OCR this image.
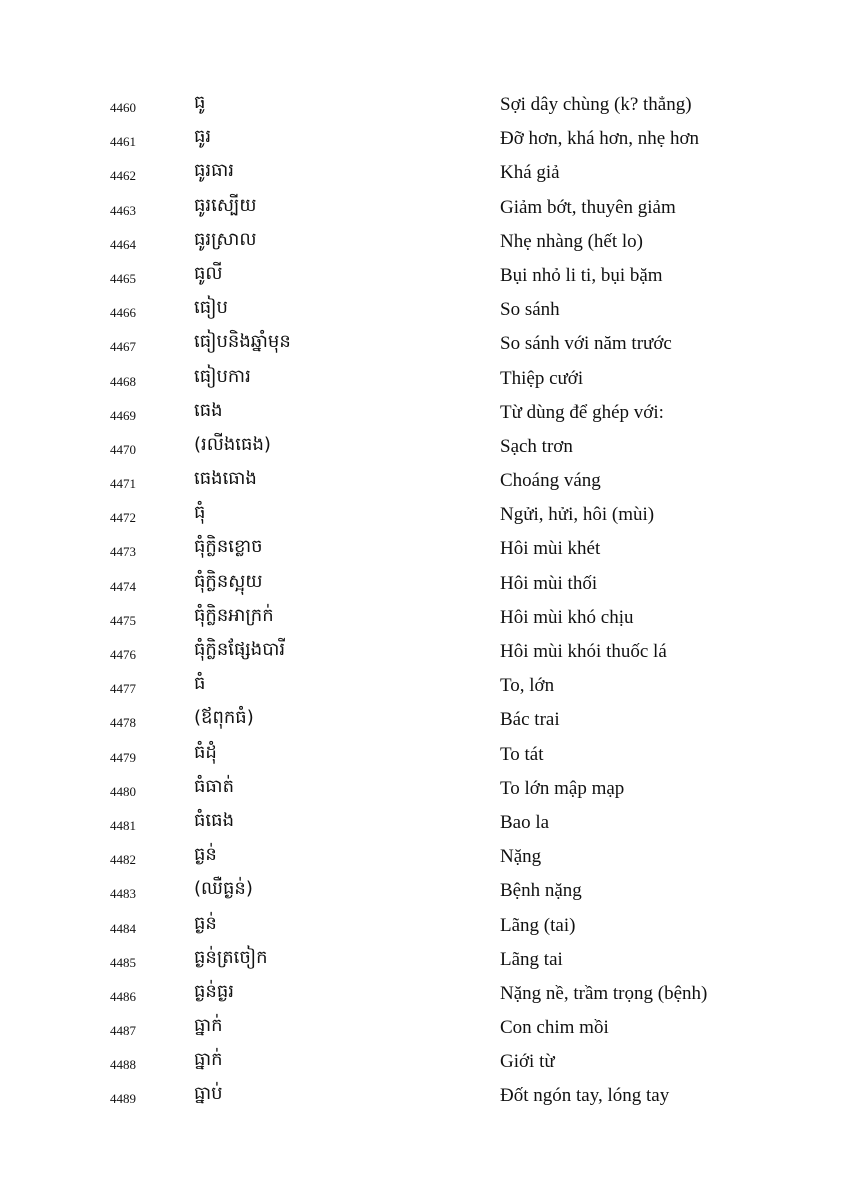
4460	ធូ	Sợi dây chùng (k? thẳng)
4461	ធូរ	Đỡ hơn, khá hơn, nhẹ hơn
4462	ធូរធារ	Khá giả
4463	ធូរស្បើយ	Giảm bớt, thuyên giảm
4464	ធូរស្រាល	Nhẹ nhàng (hết lo)
4465	ធូលី	Bụi nhỏ li ti, bụi bặm
4466	ធៀប	So sánh
4467	ធៀបនិងឆ្នាំមុន	So sánh với năm trước
4468	ធៀបការ	Thiệp cưới
4469	ធេង	Từ dùng để ghép với:
4470	(រលីងធេង)	Sạch trơn
4471	ធេងធោង	Choáng váng
4472	ធុំ	Ngửi, hửi, hôi (mùi)
4473	ធុំក្លិនខ្លោច	Hôi mùi khét
4474	ធុំក្លិនស្អុយ	Hôi mùi thối
4475	ធុំក្លិនអាក្រក់	Hôi mùi khó chịu
4476	ធុំក្លិនផ្សែងបារី	Hôi mùi khói thuốc lá
4477	ធំ	To, lớn
4478	(ឪពុកធំ)	Bác trai
4479	ធំដុំ	To tát
4480	ធំធាត់	To lớn mập mạp
4481	ធំធេង	Bao la
4482	ធ្ងន់	Nặng
4483	(ឈឺធ្ងន់)	Bệnh nặng
4484	ធ្ងន់	Lãng (tai)
4485	ធ្ងន់ត្រចៀក	Lãng tai
4486	ធ្ងន់ធ្ងរ	Nặng nề, trầm trọng (bệnh)
4487	ធ្នាក់	Con chim mồi
4488	ធ្នាក់	Giới từ
4489	ធ្នាប់	Đốt ngón tay, lóng tay
